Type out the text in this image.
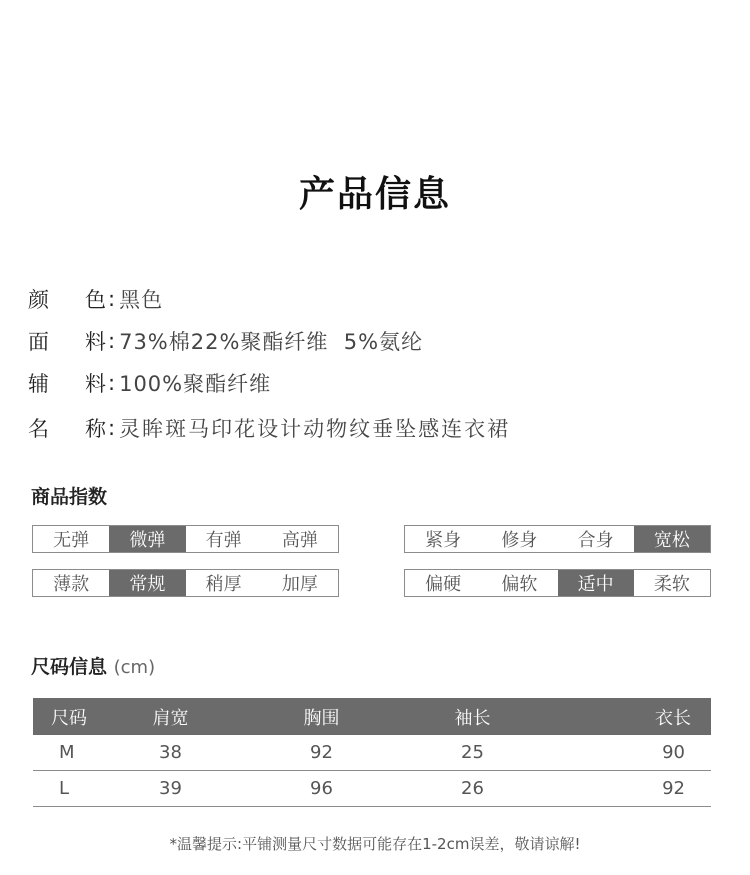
产品信息
颜 色 : 黑色
面 料 : 73%棉22%聚酯纤维  5%氨纶
辅 料 : 100%聚酯纤维
名 称 : 灵眸斑马印花设计动物纹垂坠感连衣裙
商品指数
无弹	微弹	有弹	高弹	紧身	修身	合身	宽松
薄款	常规	稍厚	加厚	偏硬	偏软	适中	柔软
尺码信息 (cm)
尺码	肩宽	胸围	袖长	衣长
M	38	92	25	90
L	39	96	26	92
*温馨提示:平铺测量尺寸数据可能存在1-2cm误差，敬请谅解!
